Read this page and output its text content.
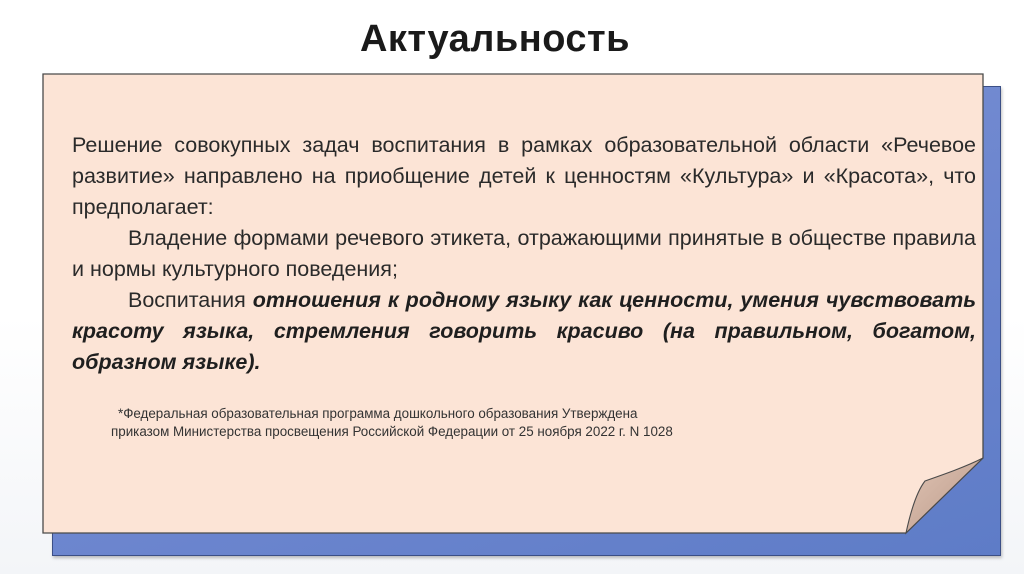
Актуальность

Решение совокупных задач воспитания в рамках образовательной области «Речевое развитие» направлено на приобщение детей к ценностям «Культура» и «Красота», что предполагает:

Владение формами речевого этикета, отражающими принятые в обществе правила и нормы культурного поведения;

Воспитания отношения к родному языку как ценности, умения чувствовать красоту языка, стремления говорить красиво (на правильном, богатом, образном языке).

*Федеральная образовательная программа дошкольного образования Утверждена
приказом Министерства просвещения Российской Федерации от 25 ноября 2022 г. N 1028
